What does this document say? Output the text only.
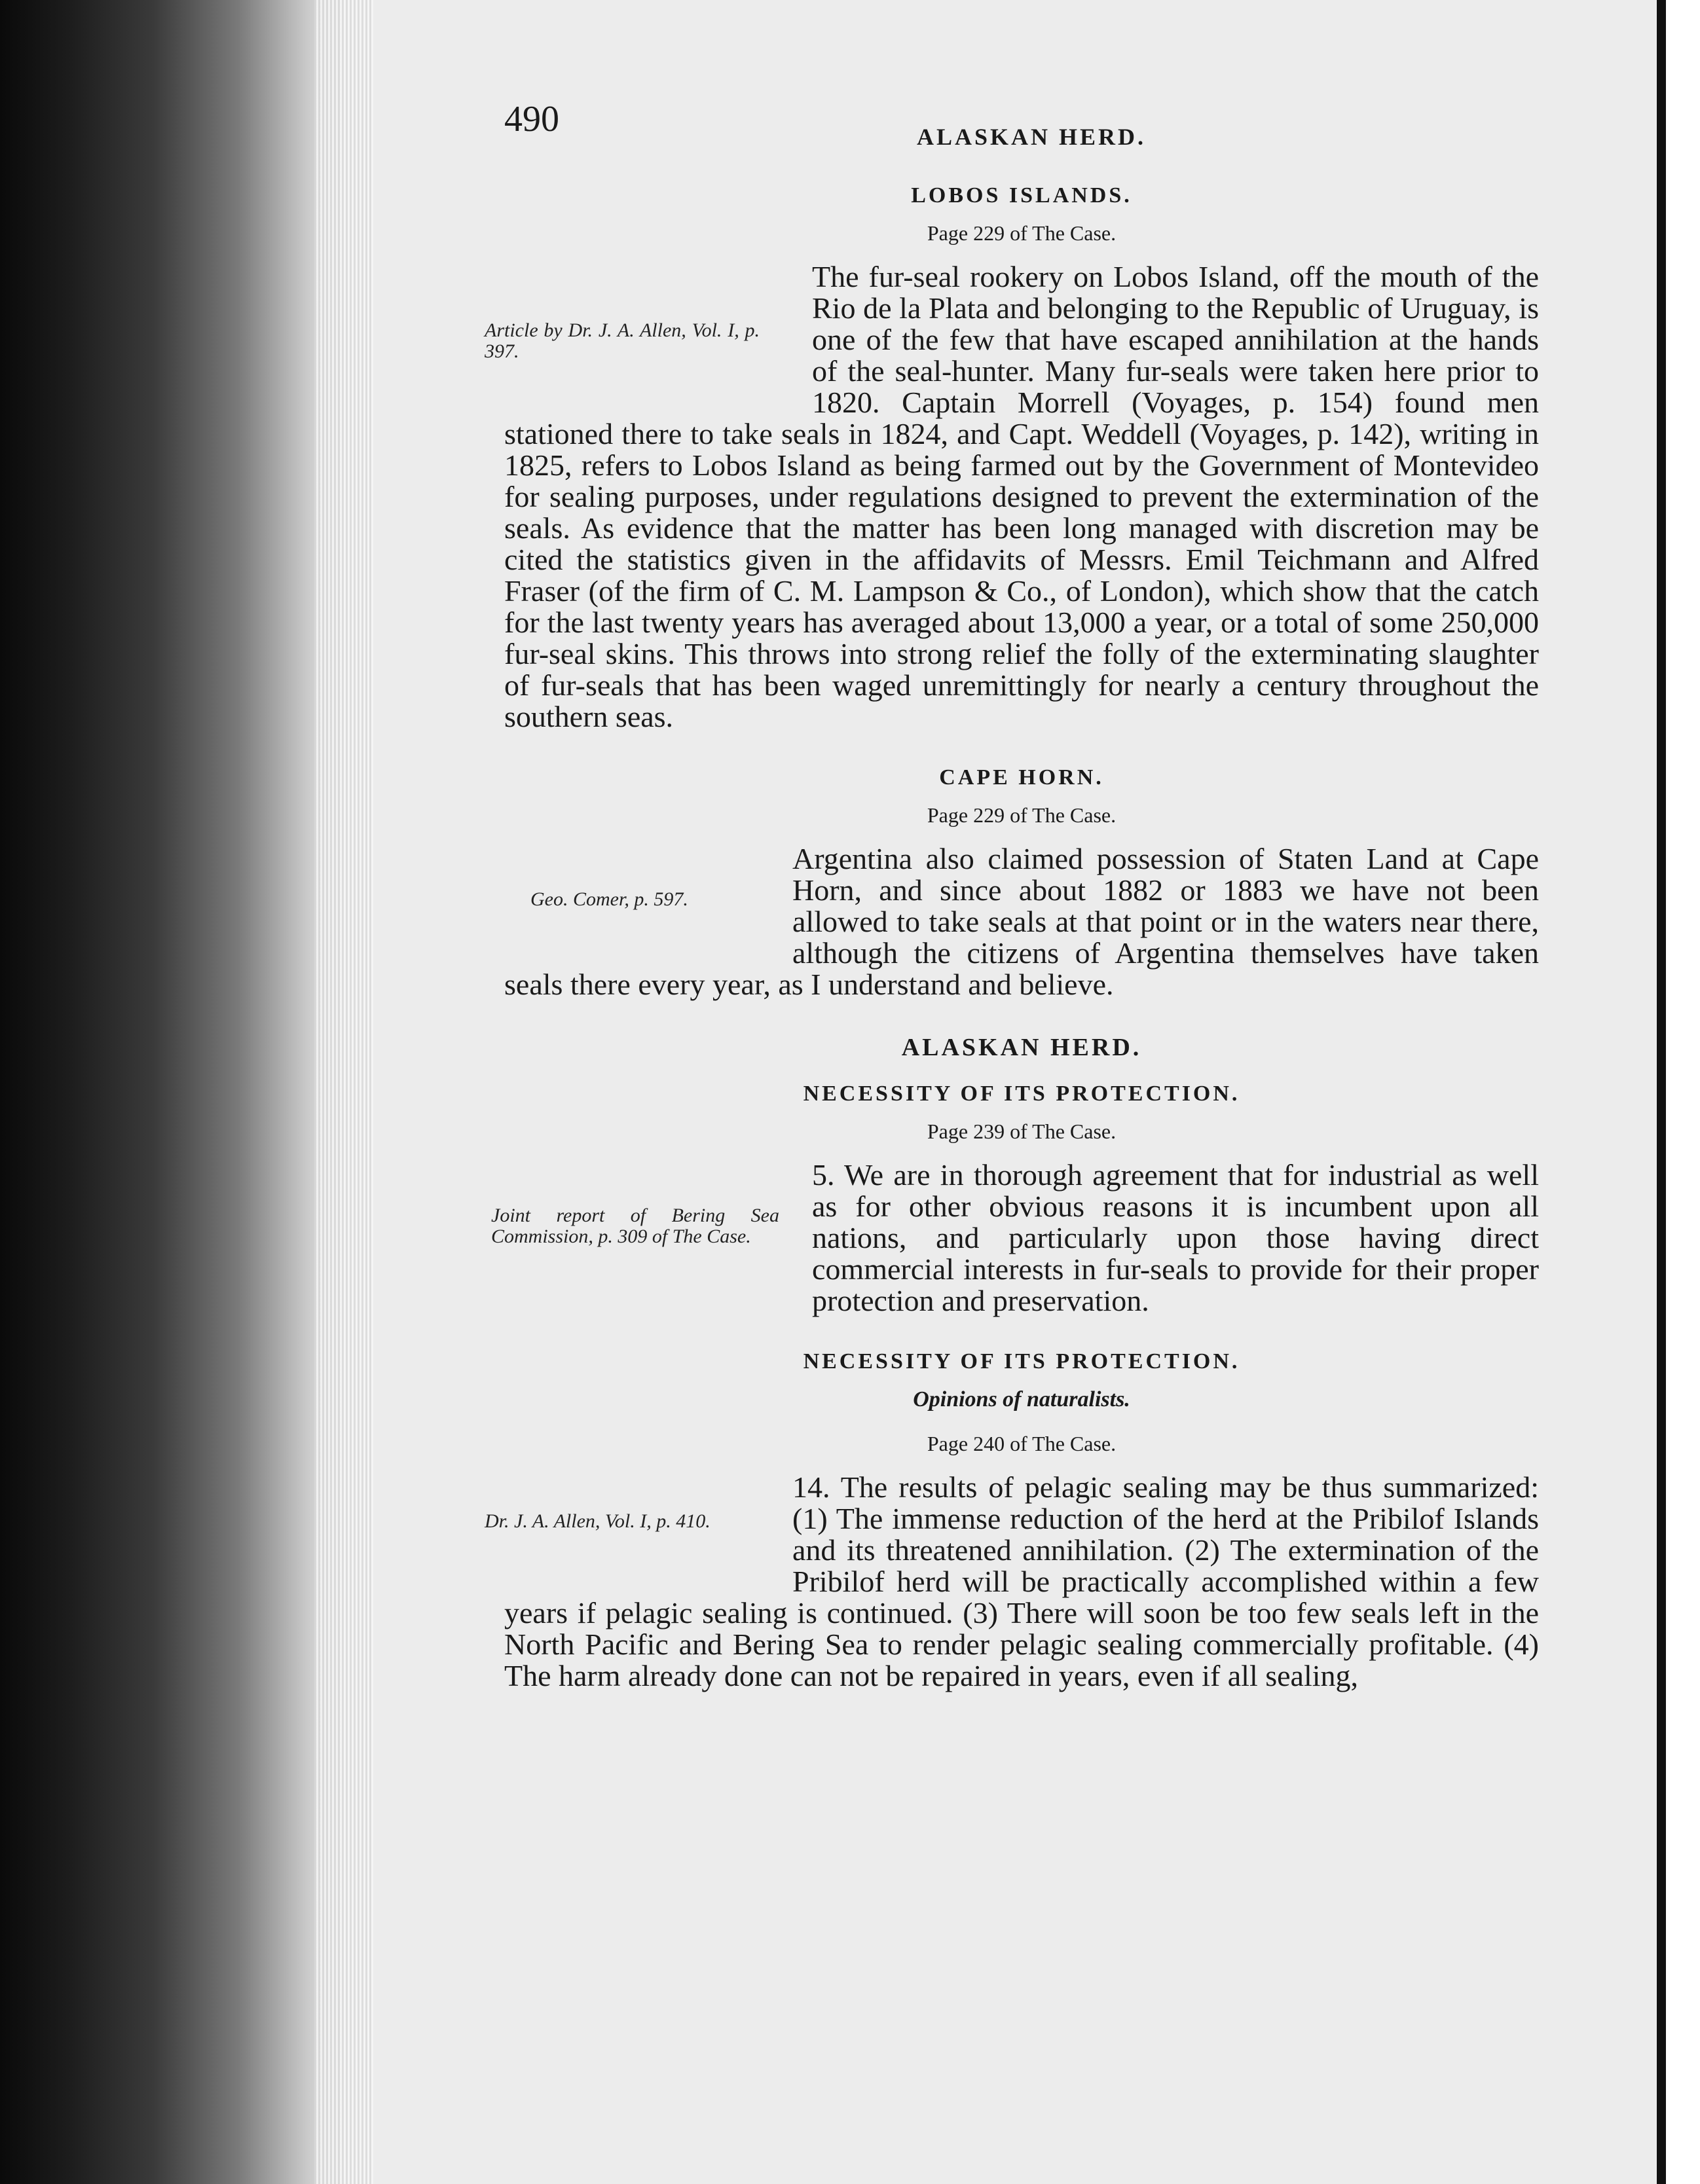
490	ALASKAN HERD.
LOBOS ISLANDS.
Page 229 of The Case.
Article by Dr. J. A. Allen, Vol. I, p. 397.
The fur-seal rookery on Lobos Island, off the mouth of the Rio de la Plata and belonging to the Republic of Uruguay, is one of the few that have escaped annihilation at the hands of the seal-hunter. Many fur-seals were taken here prior to 1820. Captain Morrell (Voyages, p. 154) found men stationed there to take seals in 1824, and Capt. Weddell (Voyages, p. 142), writing in 1825, refers to Lobos Island as being farmed out by the Government of Montevideo for sealing purposes, under regulations designed to prevent the extermination of the seals. As evidence that the matter has been long managed with discretion may be cited the statistics given in the affidavits of Messrs. Emil Teichmann and Alfred Fraser (of the firm of C. M. Lampson & Co., of London), which show that the catch for the last twenty years has averaged about 13,000 a year, or a total of some 250,000 fur-seal skins. This throws into strong relief the folly of the exterminating slaughter of fur-seals that has been waged unremittingly for nearly a century throughout the southern seas.
CAPE HORN.
Page 229 of The Case.
Geo. Comer, p. 597.
Argentina also claimed possession of Staten Land at Cape Horn, and since about 1882 or 1883 we have not been allowed to take seals at that point or in the waters near there, although the citizens of Argentina themselves have taken seals there every year, as I understand and believe.
ALASKAN HERD.
NECESSITY OF ITS PROTECTION.
Page 239 of The Case.
Joint report of Bering Sea Commission, p. 309 of The Case.
5. We are in thorough agreement that for industrial as well as for other obvious reasons it is incumbent upon all nations, and particularly upon those having direct commercial interests in fur-seals to provide for their proper protection and preservation.
NECESSITY OF ITS PROTECTION.
Opinions of naturalists.
Page 240 of The Case.
Dr. J. A. Allen, Vol. I, p. 410.
14. The results of pelagic sealing may be thus summarized: (1) The immense reduction of the herd at the Pribilof Islands and its threatened annihilation. (2) The extermination of the Pribilof herd will be practically accomplished within a few years if pelagic sealing is continued. (3) There will soon be too few seals left in the North Pacific and Bering Sea to render pelagic sealing commercially profitable. (4) The harm already done can not be repaired in years, even if all sealing,
